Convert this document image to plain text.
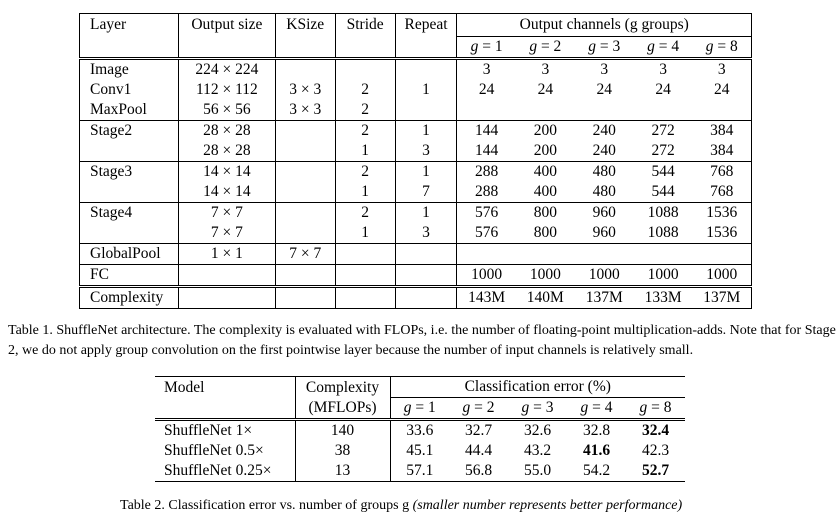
Layer	Output size	KSize	Stride	Repeat	Output channels (g groups)				
					g = 1	g = 2	g = 3	g = 4	g = 8
Image	224 × 224				3	3	3	3	3
Conv1	112 × 112	3 × 3	2	1	24	24	24	24	24
MaxPool	56 × 56	3 × 3	2						
Stage2	28 × 28		2	1	144	200	240	272	384
	28 × 28		1	3	144	200	240	272	384
Stage3	14 × 14		2	1	288	400	480	544	768
	14 × 14		1	7	288	400	480	544	768
Stage4	7 × 7		2	1	576	800	960	1088	1536
	7 × 7		1	3	576	800	960	1088	1536
GlobalPool	1 × 1	7 × 7							
FC					1000	1000	1000	1000	1000
Complexity					143M	140M	137M	133M	137M
Table 1. ShuffleNet architecture. The complexity is evaluated with FLOPs, i.e. the number of floating-point multiplication-adds. Note that for Stage 2, we do not apply group convolution on the first pointwise layer because the number of input channels is relatively small.
Model	Complexity	Classification error (%)				
	(MFLOPs)	g = 1	g = 2	g = 3	g = 4	g = 8
ShuffleNet 1×	140	33.6	32.7	32.6	32.8	32.4
ShuffleNet 0.5×	38	45.1	44.4	43.2	41.6	42.3
ShuffleNet 0.25×	13	57.1	56.8	55.0	54.2	52.7
Table 2. Classification error vs. number of groups g (smaller number represents better performance)
